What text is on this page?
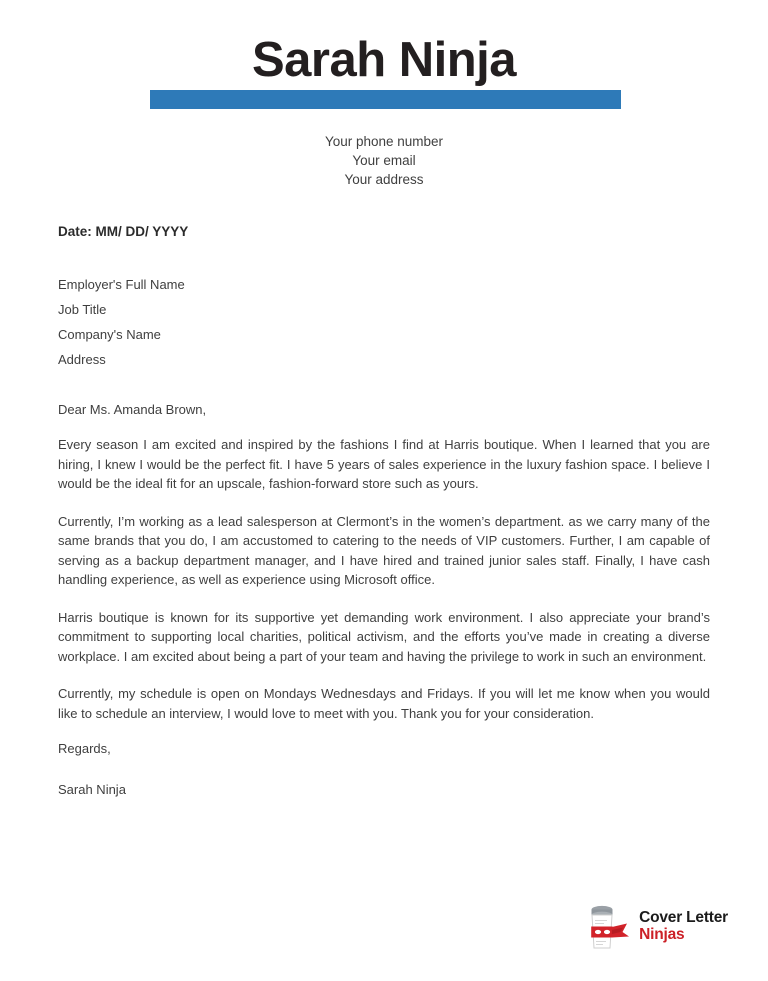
Sarah Ninja
Your phone number
Your email
Your address
Date: MM/ DD/ YYYY
Employer's Full Name
Job Title
Company's Name
Address
Dear Ms. Amanda Brown,

Every season I am excited and inspired by the fashions I find at Harris boutique. When I learned that you are hiring, I knew I would be the perfect fit. I have 5 years of sales experience in the luxury fashion space. I believe I would be the ideal fit for an upscale, fashion-forward store such as yours.

Currently, I’m working as a lead salesperson at Clermont’s in the women’s department. as we carry many of the same brands that you do, I am accustomed to catering to the needs of VIP customers. Further, I am capable of serving as a backup department manager, and I have hired and trained junior sales staff. Finally, I have cash handling experience, as well as experience using Microsoft office.

Harris boutique is known for its supportive yet demanding work environment. I also appreciate your brand’s commitment to supporting local charities, political activism, and the efforts you’ve made in creating a diverse workplace. I am excited about being a part of your team and having the privilege to work in such an environment.

Currently, my schedule is open on Mondays Wednesdays and Fridays. If you will let me know when you would like to schedule an interview, I would love to meet with you. Thank you for your consideration.

Regards,
Sarah Ninja
Cover Letter
Ninjas
